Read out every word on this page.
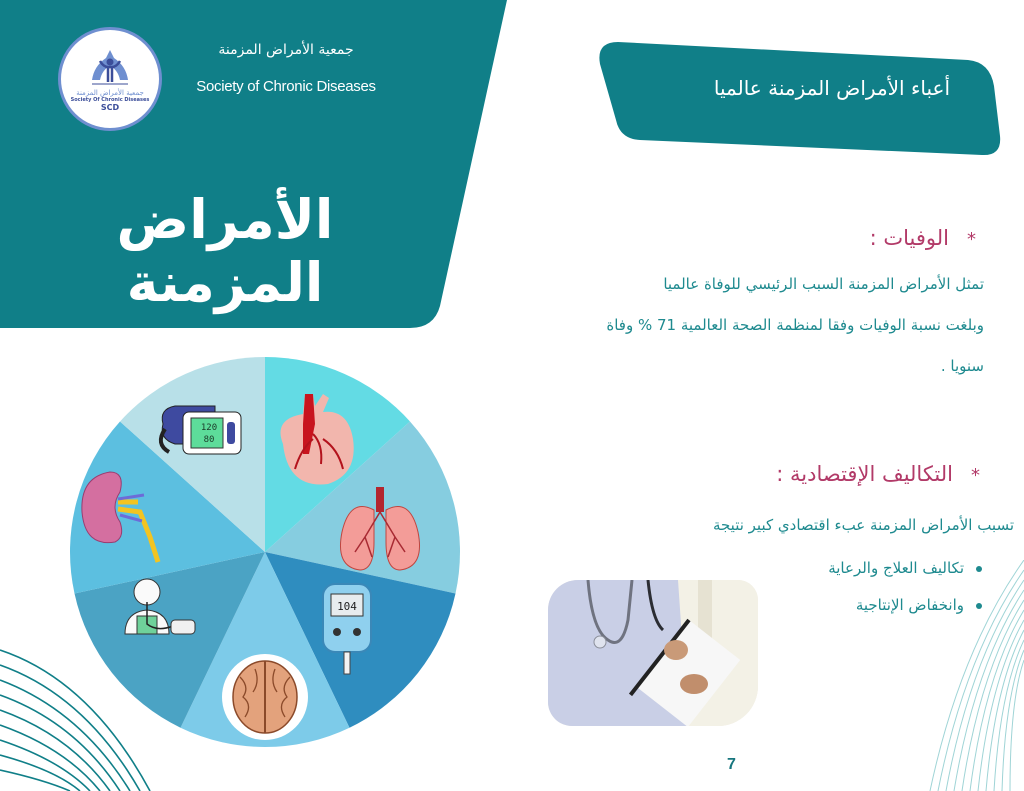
أعباء الأمراض المزمنة عالميا
جمعية الأمراض المزمنة
Society Of Chronic Diseases
SCD
جمعية الأمراض المزمنة
Society of Chronic Diseases
الأمراض المزمنة
*
الوفيات :
تمثل الأمراض المزمنة السبب الرئيسي للوفاة عالميا
وبلغت نسبة الوفيات وفقا لمنظمة الصحة العالمية 71 % وفاة
سنويا .
*
التكاليف الإقتصادية :
تسبب الأمراض المزمنة عبء اقتصادي كبير نتيجة
تكاليف العلاج والرعاية
وانخفاض الإنتاجية
104
120
80
7
